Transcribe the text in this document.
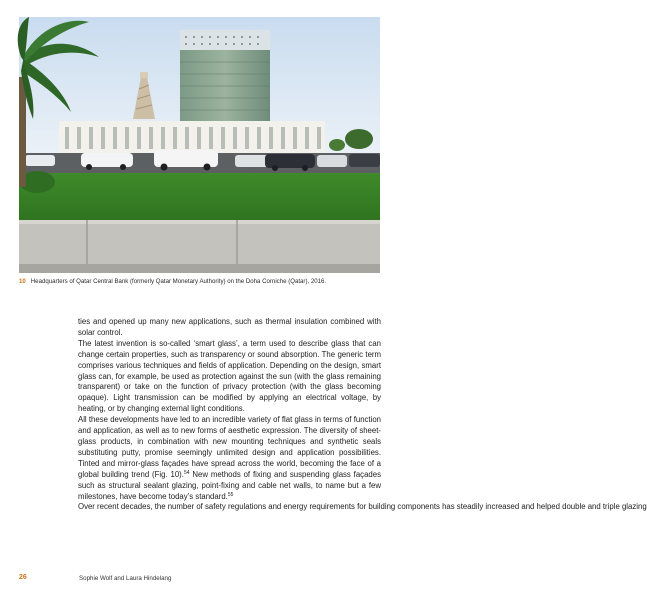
10 Headquarters of Qatar Central Bank (formerly Qatar Monetary Authority) on the Doha Corniche (Qatar), 2016.

ties and opened up many new applications, such as thermal insulation combined with solar control.

The latest invention is so-called ‘smart glass’, a term used to describe glass that can change certain properties, such as transparency or sound absorption. The generic term comprises various techniques and fields of application. Depending on the design, smart glass can, for example, be used as protection against the sun (with the glass remaining transparent) or take on the function of privacy protection (with the glass becoming opaque). Light transmission can be modified by applying an electrical voltage, by heating, or by changing external light conditions.

All these developments have led to an incredible variety of flat glass in terms of function and application, as well as to new forms of aesthetic expression. The diversity of sheet-glass products, in combination with new mounting techniques and synthetic seals substituting putty, promise seemingly unlimited design and application possibilities. Tinted and mirror-glass façades have spread across the world, becoming the face of a global building trend (Fig. 10).$^{54}$ New methods of fixing and suspending glass façades such as structural sealant glazing, point-fixing and cable net walls, to name but a few milestones, have become today’s standard.$^{55}$

Over recent decades, the number of safety regulations and energy requirements for building components has steadily increased and helped double and triple glazing

26	Sophie Wolf and Laura Hindelang
